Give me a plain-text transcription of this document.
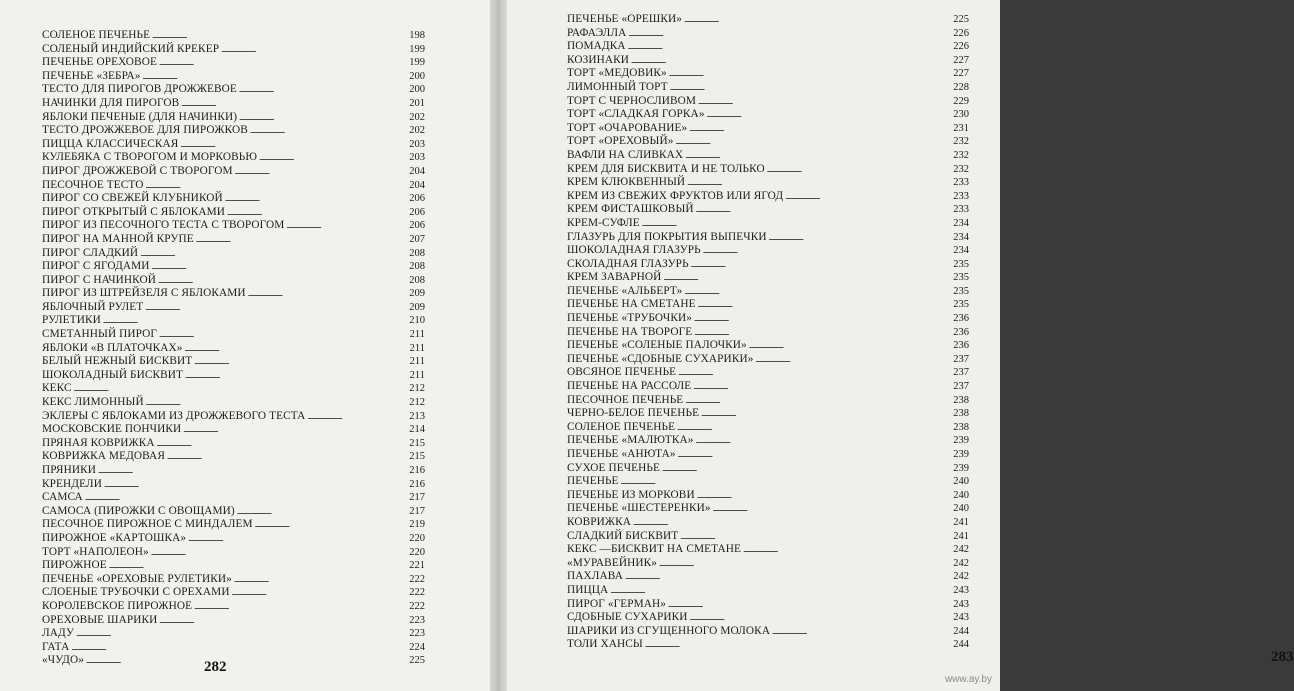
СОЛЕНОЕ ПЕЧЕНЬЕ . . .	198
СОЛЕНЫЙ ИНДИЙСКИЙ КРЕКЕР . . .	199
ПЕЧЕНЬЕ ОРЕХОВОЕ . . .	199
ПЕЧЕНЬЕ «ЗЕБРА» . . .	200
ТЕСТО ДЛЯ ПИРОГОВ ДРОЖЖЕВОЕ . . .	200
НАЧИНКИ ДЛЯ ПИРОГОВ . . .	201
ЯБЛОКИ ПЕЧЕНЫЕ (ДЛЯ НАЧИНКИ) . . .	202
ТЕСТО ДРОЖЖЕВОЕ ДЛЯ ПИРОЖКОВ . . .	202
ПИЦЦА КЛАССИЧЕСКАЯ . . .	203
КУЛЕБЯКА С ТВОРОГОМ И МОРКОВЬЮ . . .	203
ПИРОГ ДРОЖЖЕВОЙ С ТВОРОГОМ . . .	204
ПЕСОЧНОЕ ТЕСТО . . .	204
ПИРОГ СО СВЕЖЕЙ КЛУБНИКОЙ . . .	206
ПИРОГ ОТКРЫТЫЙ С ЯБЛОКАМИ . . .	206
ПИРОГ ИЗ ПЕСОЧНОГО ТЕСТА С ТВОРОГОМ . . .	206
ПИРОГ НА МАННОЙ КРУПЕ . . .	207
ПИРОГ СЛАДКИЙ . . .	208
ПИРОГ С ЯГОДАМИ . . .	208
ПИРОГ С НАЧИНКОЙ . . .	208
ПИРОГ ИЗ ШТРЕЙЗЕЛЯ С ЯБЛОКАМИ . . .	209
ЯБЛОЧНЫЙ РУЛЕТ . . .	209
РУЛЕТИКИ . . .	210
СМЕТАННЫЙ ПИРОГ . . .	211
ЯБЛОКИ «В ПЛАТОЧКАХ» . . .	211
БЕЛЫЙ НЕЖНЫЙ БИСКВИТ . . .	211
ШОКОЛАДНЫЙ БИСКВИТ . . .	211
КЕКС . . .	212
КЕКС ЛИМОННЫЙ . . .	212
ЭКЛЕРЫ С ЯБЛОКАМИ ИЗ ДРОЖЖЕВОГО ТЕСТА . . .	213
МОСКОВСКИЕ ПОНЧИКИ . . .	214
ПРЯНАЯ КОВРИЖКА . . .	215
КОВРИЖКА МЕДОВАЯ . . .	215
ПРЯНИКИ . . .	216
КРЕНДЕЛИ . . .	216
САМСА . . .	217
САМОСА (ПИРОЖКИ С ОВОЩАМИ) . . .	217
ПЕСОЧНОЕ ПИРОЖНОЕ С МИНДАЛЕМ . . .	219
ПИРОЖНОЕ «КАРТОШКА» . . .	220
ТОРТ «НАПОЛЕОН» . . .	220
ПИРОЖНОЕ . . .	221
ПЕЧЕНЬЕ «ОРЕХОВЫЕ РУЛЕТИКИ» . . .	222
СЛОЕНЫЕ ТРУБОЧКИ С ОРЕХАМИ . . .	222
КОРОЛЕВСКОЕ ПИРОЖНОЕ . . .	222
ОРЕХОВЫЕ ШАРИКИ . . .	223
ЛАДУ . . .	223
ГАТА . . .	224
«ЧУДО» . . .	225
282
283
ПЕЧЕНЬЕ «ОРЕШКИ» . . .	225
РАФАЭЛЛА . . .	226
ПОМАДКА . . .	226
КОЗИНАКИ . . .	227
ТОРТ «МЕДОВИК» . . .	227
ЛИМОННЫЙ ТОРТ . . .	228
ТОРТ С ЧЕРНОСЛИВОМ . . .	229
ТОРТ «СЛАДКАЯ ГОРКА» . . .	230
ТОРТ «ОЧАРОВАНИЕ» . . .	231
ТОРТ «ОРЕХОВЫЙ» . . .	232
ВАФЛИ НА СЛИВКАХ . . .	232
КРЕМ ДЛЯ БИСКВИТА И НЕ ТОЛЬКО . . .	232
КРЕМ КЛЮКВЕННЫЙ . . .	233
КРЕМ ИЗ СВЕЖИХ ФРУКТОВ ИЛИ ЯГОД . . .	233
КРЕМ ФИСТАШКОВЫЙ . . .	233
КРЕМ-СУФЛЕ . . .	234
ГЛАЗУРЬ ДЛЯ ПОКРЫТИЯ ВЫПЕЧКИ . . .	234
ШОКОЛАДНАЯ ГЛАЗУРЬ . . .	234
СКОЛАДНАЯ ГЛАЗУРЬ . . .	235
КРЕМ ЗАВАРНОЙ . . .	235
ПЕЧЕНЬЕ «АЛЬБЕРТ» . . .	235
ПЕЧЕНЬЕ НА СМЕТАНЕ . . .	235
ПЕЧЕНЬЕ «ТРУБОЧКИ» . . .	236
ПЕЧЕНЬЕ НА ТВОРОГЕ . . .	236
ПЕЧЕНЬЕ «СОЛЕНЫЕ ПАЛОЧКИ» . . .	236
ПЕЧЕНЬЕ «СДОБНЫЕ СУХАРИКИ» . . .	237
ОВСЯНОЕ ПЕЧЕНЬЕ . . .	237
ПЕЧЕНЬЕ НА РАССОЛЕ . . .	237
ПЕСОЧНОЕ ПЕЧЕНЬЕ . . .	238
ЧЕРНО-БЕЛОЕ ПЕЧЕНЬЕ . . .	238
СОЛЕНОЕ ПЕЧЕНЬЕ . . .	238
ПЕЧЕНЬЕ «МАЛЮТКА» . . .	239
ПЕЧЕНЬЕ «АНЮТА» . . .	239
СУХОЕ ПЕЧЕНЬЕ . . .	239
ПЕЧЕНЬЕ . . .	240
ПЕЧЕНЬЕ ИЗ МОРКОВИ . . .	240
ПЕЧЕНЬЕ «ШЕСТЕРЕНКИ» . . .	240
КОВРИЖКА . . .	241
СЛАДКИЙ БИСКВИТ . . .	241
КЕКС —БИСКВИТ НА СМЕТАНЕ . . .	242
«МУРАВЕЙНИК» . . .	242
ПАХЛАВА . . .	242
ПИЦЦА . . .	243
ПИРОГ «ГЕРМАН» . . .	243
СДОБНЫЕ СУХАРИКИ . . .	243
ШАРИКИ ИЗ СГУЩЕННОГО МОЛОКА . . .	244
ТОЛИ ХАНСЫ . . .	244
www.ay.by
